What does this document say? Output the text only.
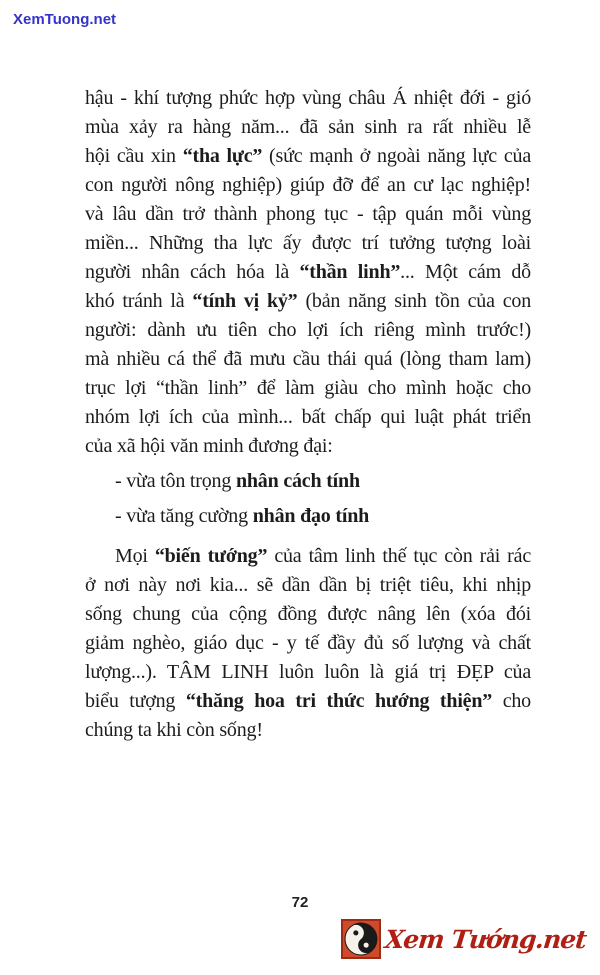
XemTuong.net
hậu - khí tượng phức hợp vùng châu Á nhiệt đới - gió
mùa xảy ra hàng năm... đã sản sinh ra rất nhiều lễ
hội cầu xin “tha lực” (sức mạnh ở ngoài năng lực của
con người nông nghiệp) giúp đỡ để an cư lạc nghiệp!
và lâu dần trở thành phong tục - tập quán mỗi vùng
miền... Những tha lực ấy được trí tưởng tượng loài
người nhân cách hóa là “thần linh”... Một cám dỗ
khó tránh là “tính vị kỷ” (bản năng sinh tồn của con
người: dành ưu tiên cho lợi ích riêng mình trước!)
mà nhiều cá thể đã mưu cầu thái quá (lòng tham lam)
trục lợi “thần linh” để làm giàu cho mình hoặc cho
nhóm lợi ích của mình... bất chấp qui luật phát triển
của xã hội văn minh đương đại:
- vừa tôn trọng nhân cách tính
- vừa tăng cường nhân đạo tính
Mọi “biến tướng” của tâm linh thế tục còn rải rác
ở nơi này nơi kia... sẽ dần dần bị triệt tiêu, khi nhịp
sống chung của cộng đồng được nâng lên (xóa đói
giảm nghèo, giáo dục - y tế đầy đủ số lượng và chất
lượng...). TÂM LINH luôn luôn là giá trị ĐẸP của
biểu tượng “thăng hoa tri thức hướng thiện” cho
chúng ta khi còn sống!
72
Xem Tướng.net
